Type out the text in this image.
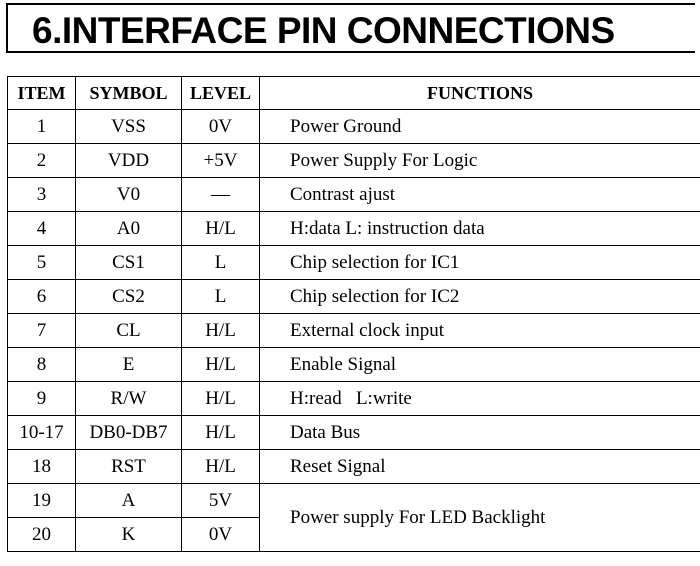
6.INTERFACE PIN CONNECTIONS
ITEM	SYMBOL	LEVEL	FUNCTIONS
1	VSS	0V	Power Ground
2	VDD	+5V	Power Supply For Logic
3	V0	—	Contrast ajust
4	A0	H/L	H:data L: instruction data
5	CS1	L	Chip selection for IC1
6	CS2	L	Chip selection for IC2
7	CL	H/L	External clock input
8	E	H/L	Enable Signal
9	R/W	H/L	H:read   L:write
10-17	DB0-DB7	H/L	Data Bus
18	RST	H/L	Reset Signal
19	A	5V	Power supply For LED Backlight
20	K	0V	
